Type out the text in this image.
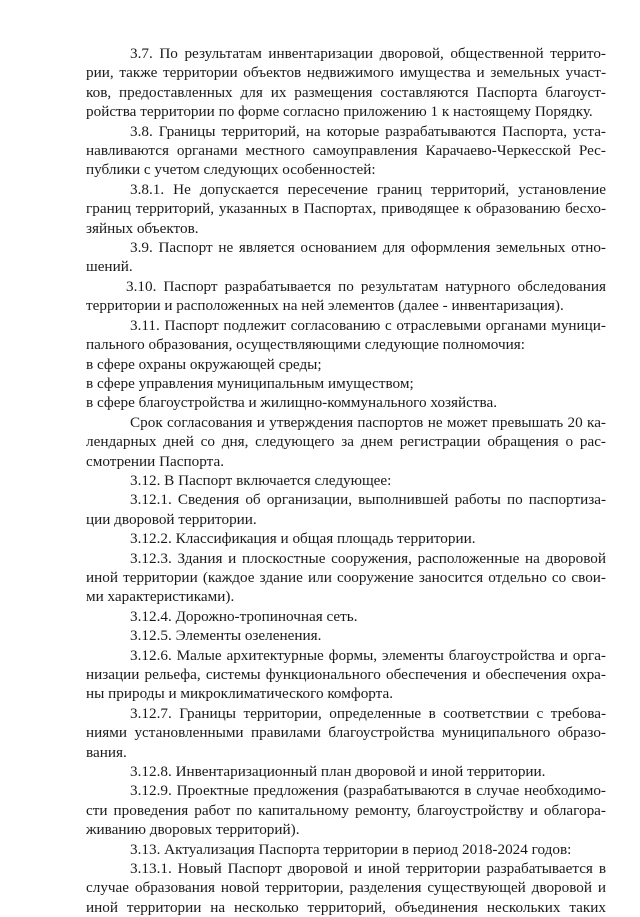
3.7. По результатам инвентаризации дворовой, общественной террито-
рии, также территории объектов недвижимого имущества и земельных участ-
ков, предоставленных для их размещения составляются Паспорта благоуст-
ройства территории по форме согласно приложению 1 к настоящему Порядку.
3.8. Границы территорий, на которые разрабатываются Паспорта, уста-
навливаются органами местного самоуправления Карачаево-Черкесской Рес-
публики с учетом следующих особенностей:
3.8.1. Не допускается пересечение границ территорий, установление
границ территорий, указанных в Паспортах, приводящее к образованию бесхо-
зяйных объектов.
3.9. Паспорт не является основанием для оформления земельных отно-
шений.
3.10. Паспорт разрабатывается по результатам натурного обследования
территории и расположенных на ней элементов (далее - инвентаризация).
3.11. Паспорт подлежит согласованию с отраслевыми органами муници-
пального образования, осуществляющими следующие полномочия:
в сфере охраны окружающей среды;
в сфере управления муниципальным имуществом;
в сфере благоустройства и жилищно-коммунального хозяйства.
Срок согласования и утверждения паспортов не может превышать 20 ка-
лендарных дней со дня, следующего за днем регистрации обращения о рас-
смотрении Паспорта.
3.12. В Паспорт включается следующее:
3.12.1. Сведения об организации, выполнившей работы по паспортиза-
ции дворовой территории.
3.12.2. Классификация и общая площадь территории.
3.12.3. Здания и плоскостные сооружения, расположенные на дворовой
иной территории (каждое здание или сооружение заносится отдельно со свои-
ми характеристиками).
3.12.4. Дорожно-тропиночная сеть.
3.12.5. Элементы озеленения.
3.12.6. Малые архитектурные формы, элементы благоустройства и орга-
низации рельефа, системы функционального обеспечения и обеспечения охра-
ны природы и микроклиматического комфорта.
3.12.7. Границы территории, определенные в соответствии с требова-
ниями установленными правилами благоустройства муниципального образо-
вания.
3.12.8. Инвентаризационный план дворовой и иной территории.
3.12.9. Проектные предложения (разрабатываются в случае необходимо-
сти проведения работ по капитальному ремонту, благоустройству и облагора-
живанию дворовых территорий).
3.13. Актуализация Паспорта территории в период 2018-2024 годов:
3.13.1. Новый Паспорт дворовой и иной территории разрабатывается в
случае образования новой территории, разделения существующей дворовой и
иной территории на несколько территорий, объединения нескольких таких
